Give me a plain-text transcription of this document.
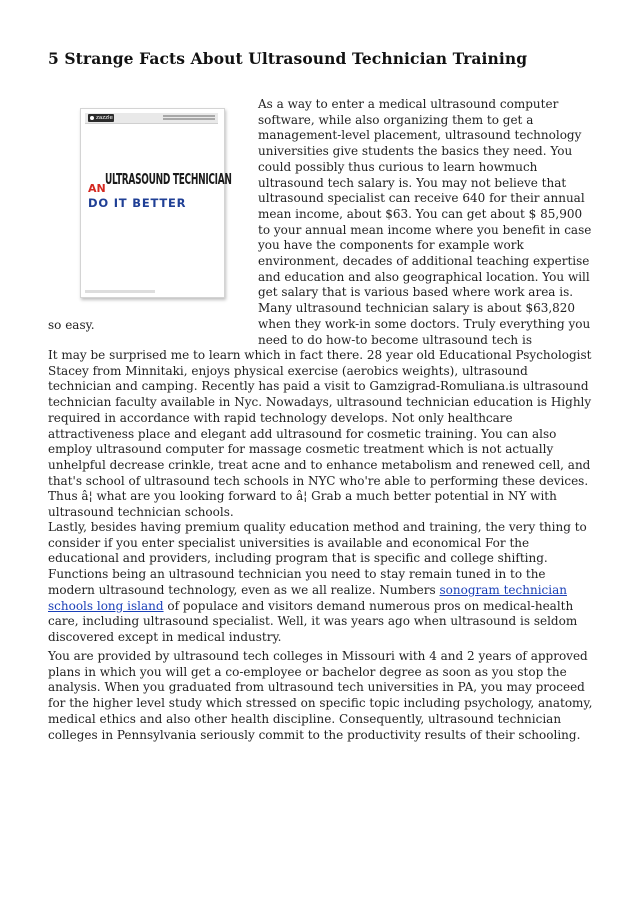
5 Strange Facts About Ultrasound Technician Training
zazzle
AN ULTRASOUND TECHNICIAN
DO IT BETTER

As a way to enter a medical ultrasound computer software, while also organizing them to get a management-level placement, ultrasound technology universities give students the basics they need. You could possibly thus curious to learn howmuch ultrasound tech salary is. You may not believe that ultrasound specialist can receive 640 for their annual mean income, about $63. You can get about $ 85,900 to your annual mean income where you benefit in case you have the components for example work environment, decades of additional teaching expertise and education and also geographical location. You will get salary that is various based where work area is. Many ultrasound technician salary is about $63,820 when they work-in some doctors. Truly everything you need to do how-to become ultrasound tech is

so easy.

It may be surprised me to learn which in fact there. 28 year old Educational Psychologist Stacey from Minnitaki, enjoys physical exercise (aerobics weights), ultrasound technician and camping. Recently has paid a visit to Gamzigrad-Romuliana.is ultrasound technician faculty available in Nyc. Nowadays, ultrasound technician education is Highly required in accordance with rapid technology develops. Not only healthcare attractiveness place and elegant add ultrasound for cosmetic training. You can also employ ultrasound computer for massage cosmetic treatment which is not actually unhelpful decrease crinkle, treat acne and to enhance metabolism and renewed cell, and that's school of ultrasound tech schools in NYC who're able to performing these devices.
Thus â¦ what are you looking forward to â¦ Grab a much better potential in NY with ultrasound technician schools.

Lastly, besides having premium quality education method and training, the very thing to consider if you enter specialist universities is available and economical For the educational and providers, including program that is specific and college shifting. Functions being an ultrasound technician you need to stay remain tuned in to the modern ultrasound technology, even as we all realize. Numbers sonogram technician schools long island of populace and visitors demand numerous pros on medical-health care, including ultrasound specialist. Well, it was years ago when ultrasound is seldom discovered except in medical industry.

You are provided by ultrasound tech colleges in Missouri with 4 and 2 years of approved plans in which you will get a co-employee or bachelor degree as soon as you stop the analysis. When you graduated from ultrasound tech universities in PA, you may proceed for the higher level study which stressed on specific topic including psychology, anatomy, medical ethics and also other health discipline. Consequently, ultrasound technician colleges in Pennsylvania seriously commit to the productivity results of their schooling.
